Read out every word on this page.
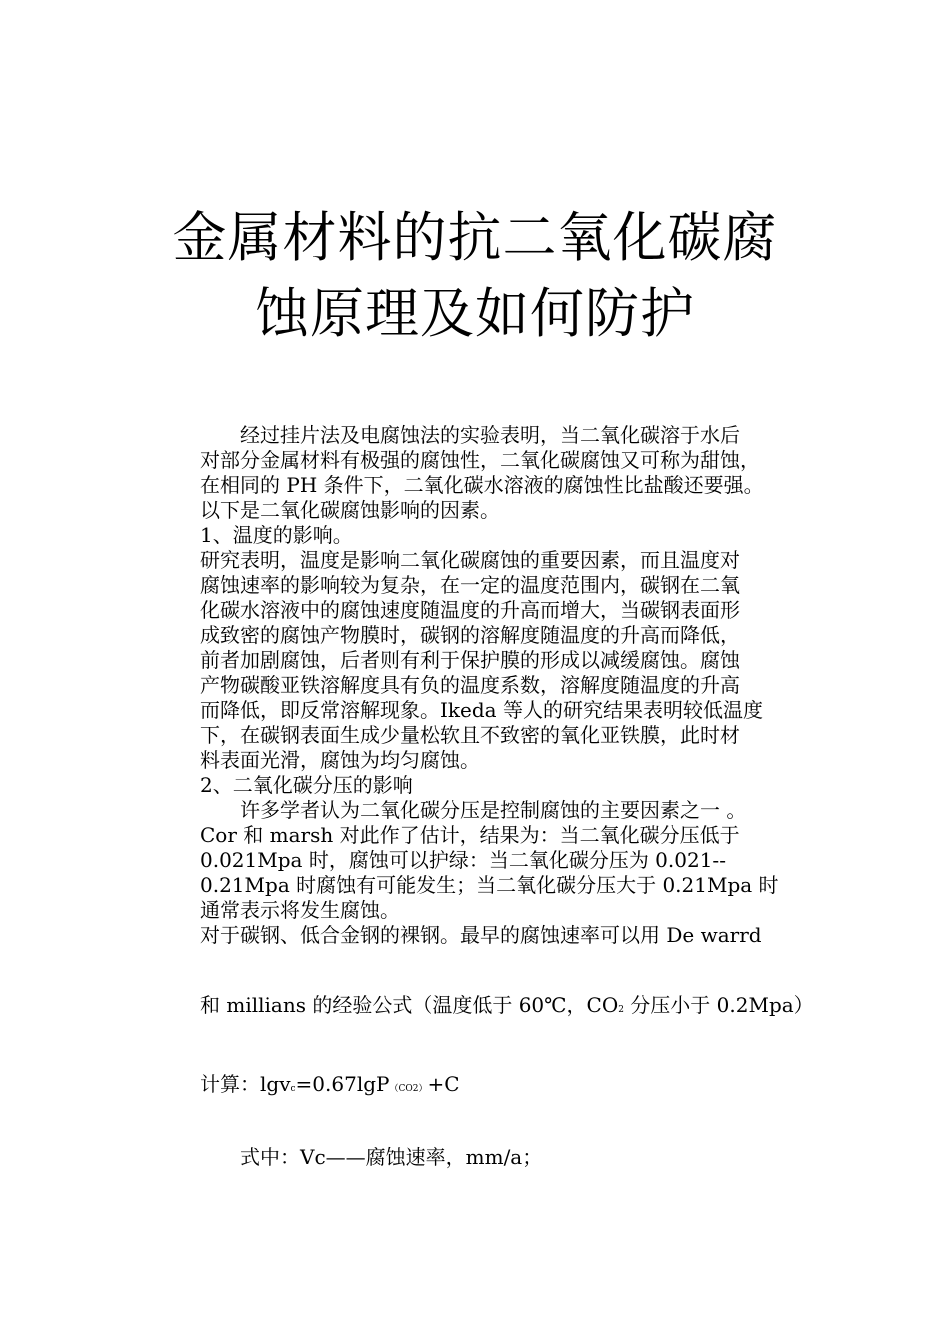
金属材料的抗二氧化碳腐
蚀原理及如何防护
　　经过挂片法及电腐蚀法的实验表明，当二氧化碳溶于水后
对部分金属材料有极强的腐蚀性，二氧化碳腐蚀又可称为甜蚀，
在相同的 PH 条件下，二氧化碳水溶液的腐蚀性比盐酸还要强。
以下是二氧化碳腐蚀影响的因素。
1、温度的影响。
研究表明，温度是影响二氧化碳腐蚀的重要因素，而且温度对
腐蚀速率的影响较为复杂，在一定的温度范围内，碳钢在二氧
化碳水溶液中的腐蚀速度随温度的升高而增大，当碳钢表面形
成致密的腐蚀产物膜时，碳钢的溶解度随温度的升高而降低，
前者加剧腐蚀，后者则有利于保护膜的形成以减缓腐蚀。腐蚀
产物碳酸亚铁溶解度具有负的温度系数，溶解度随温度的升高
而降低，即反常溶解现象。Ikeda 等人的研究结果表明较低温度
下，在碳钢表面生成少量松软且不致密的氧化亚铁膜，此时材
料表面光滑，腐蚀为均匀腐蚀。
2、二氧化碳分压的影响
　　许多学者认为二氧化碳分压是控制腐蚀的主要因素之一 。
Cor 和 marsh 对此作了估计，结果为：当二氧化碳分压低于
0.021Mpa 时，腐蚀可以护绿：当二氧化碳分压为 0.021--
0.21Mpa 时腐蚀有可能发生；当二氧化碳分压大于 0.21Mpa 时
通常表示将发生腐蚀。
对于碳钢、低合金钢的裸钢。最早的腐蚀速率可以用 De warrd
和 millians 的经验公式（温度低于 60℃，CO2 分压小于 0.2Mpa）
计算：lgvc=0.67lgP（CO2）+C
　　式中：Vc——腐蚀速率，mm/a；
